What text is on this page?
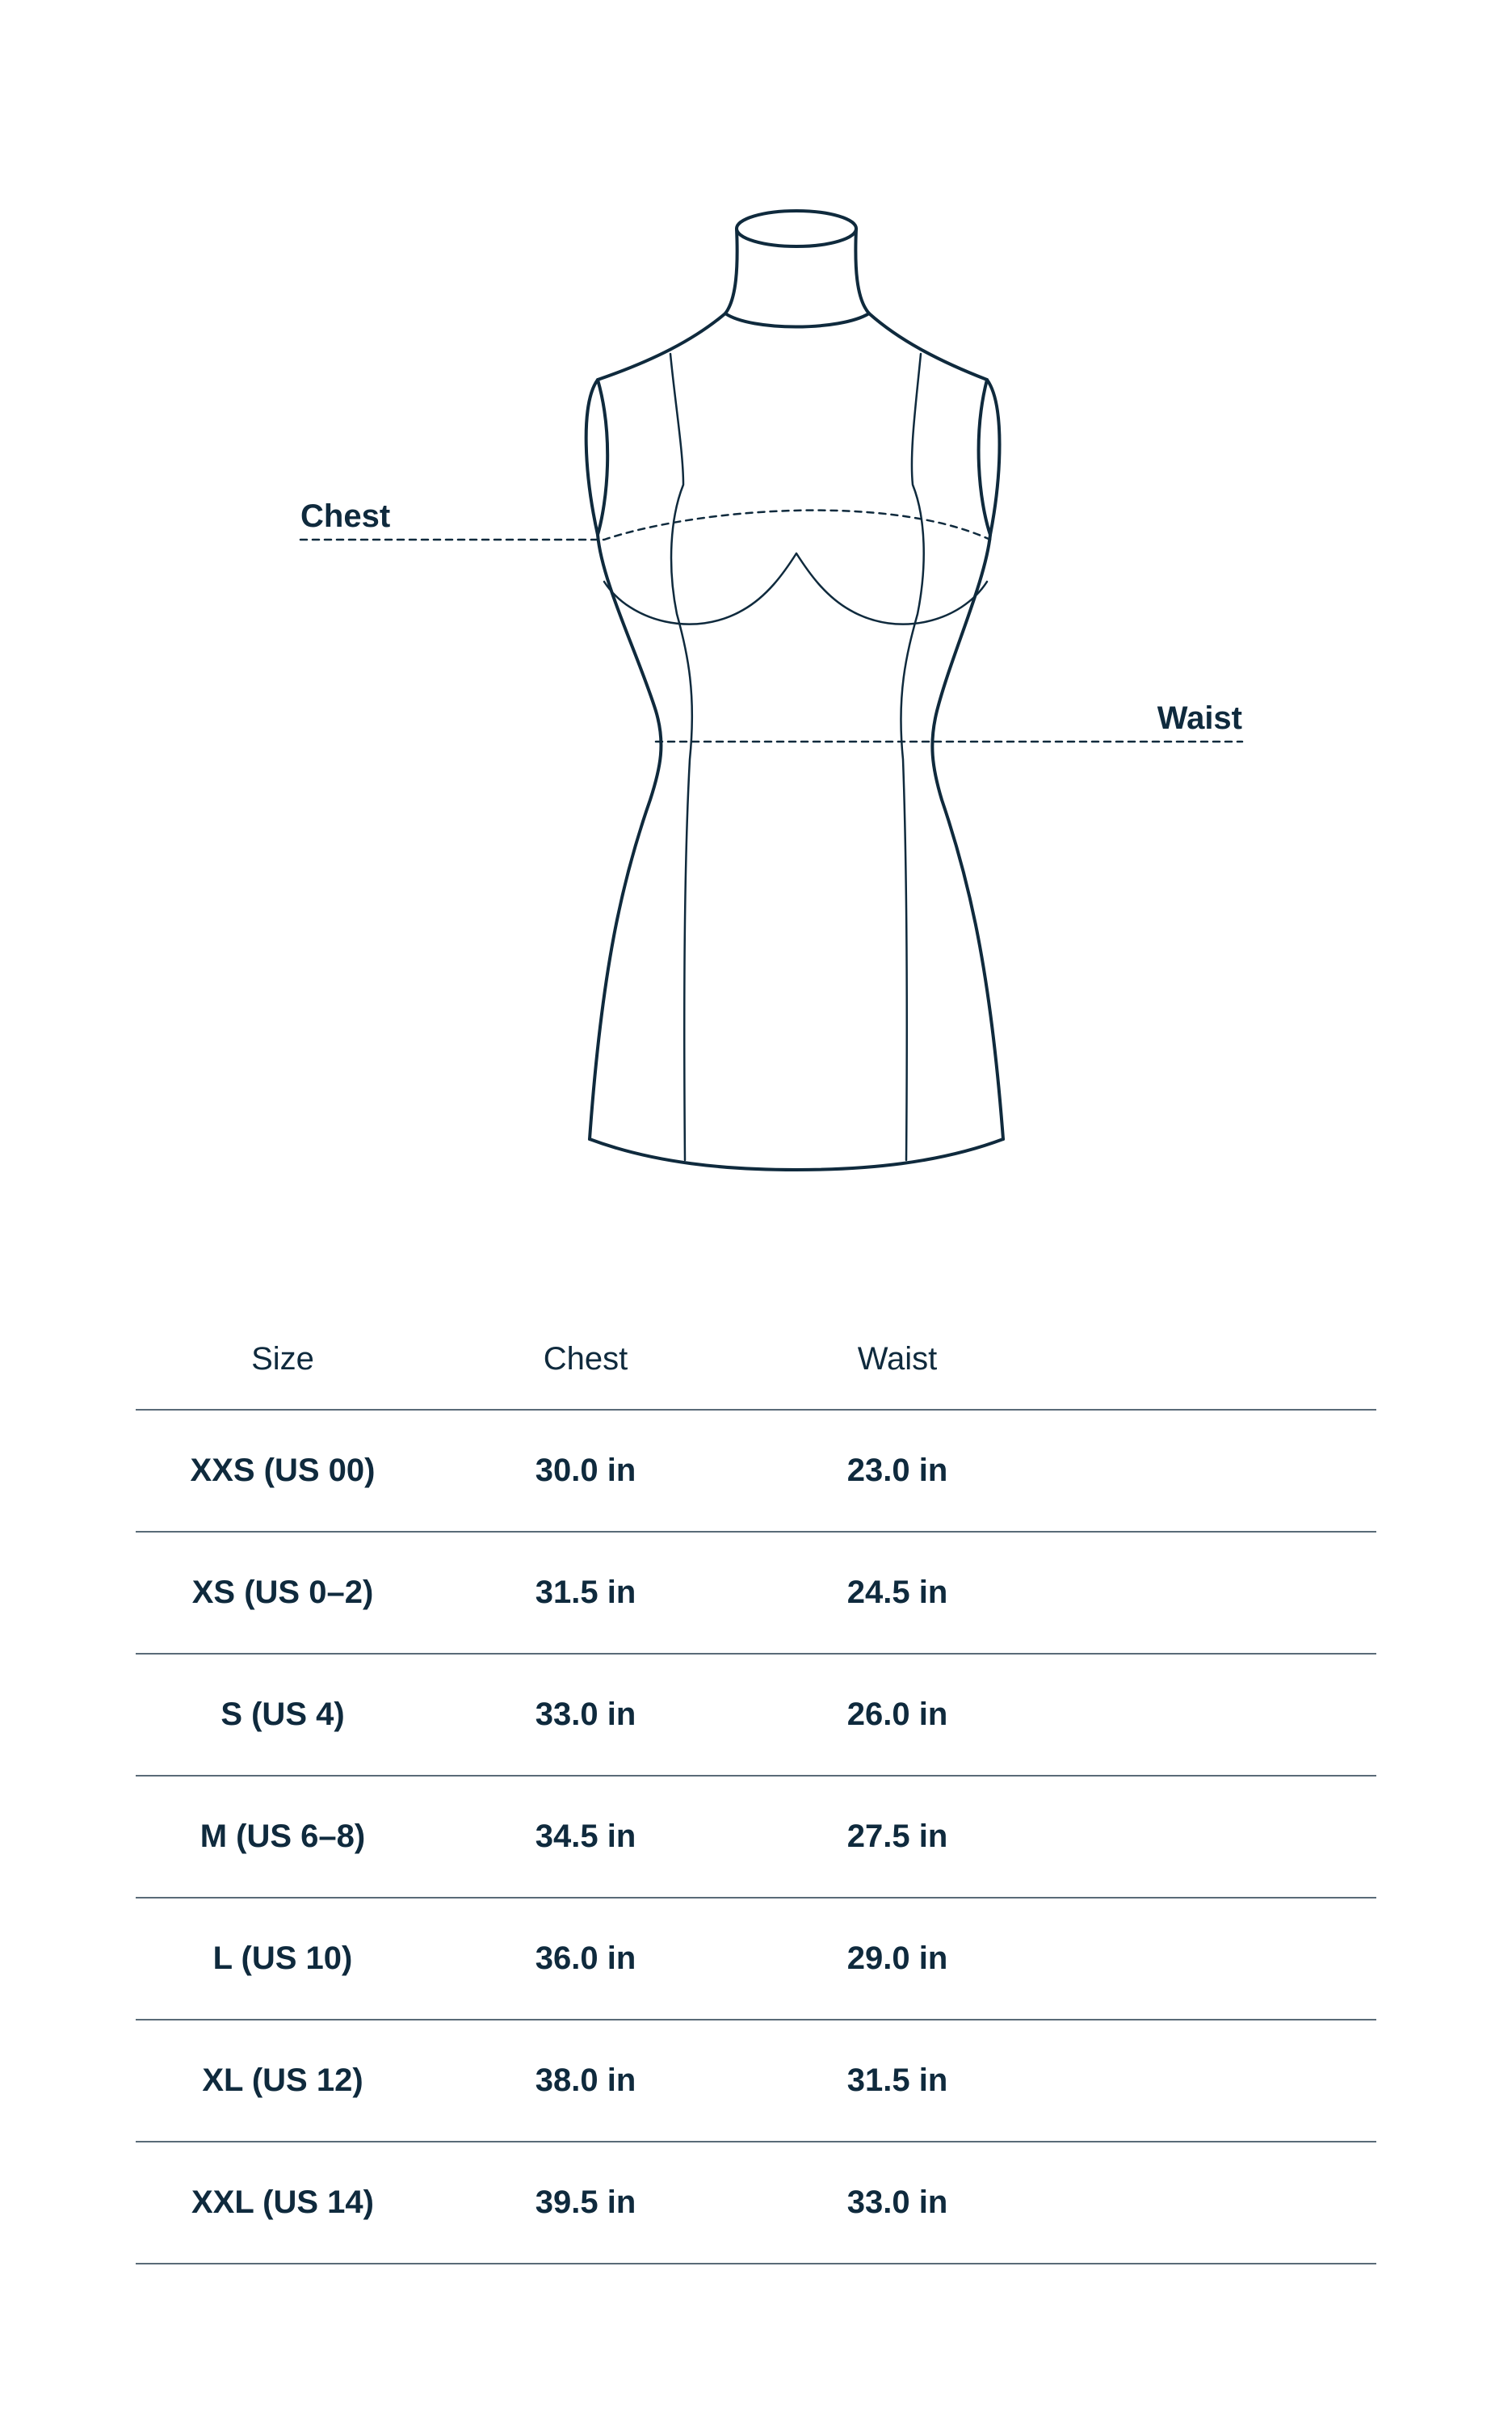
Chest
Waist
Size	Chest	Waist	
XXS (US 00)	30.0 in	23.0 in	
XS (US 0–2)	31.5 in	24.5 in	
S (US 4)	33.0 in	26.0 in	
M (US 6–8)	34.5 in	27.5 in	
L (US 10)	36.0 in	29.0 in	
XL (US 12)	38.0 in	31.5 in	
XXL (US 14)	39.5 in	33.0 in	
